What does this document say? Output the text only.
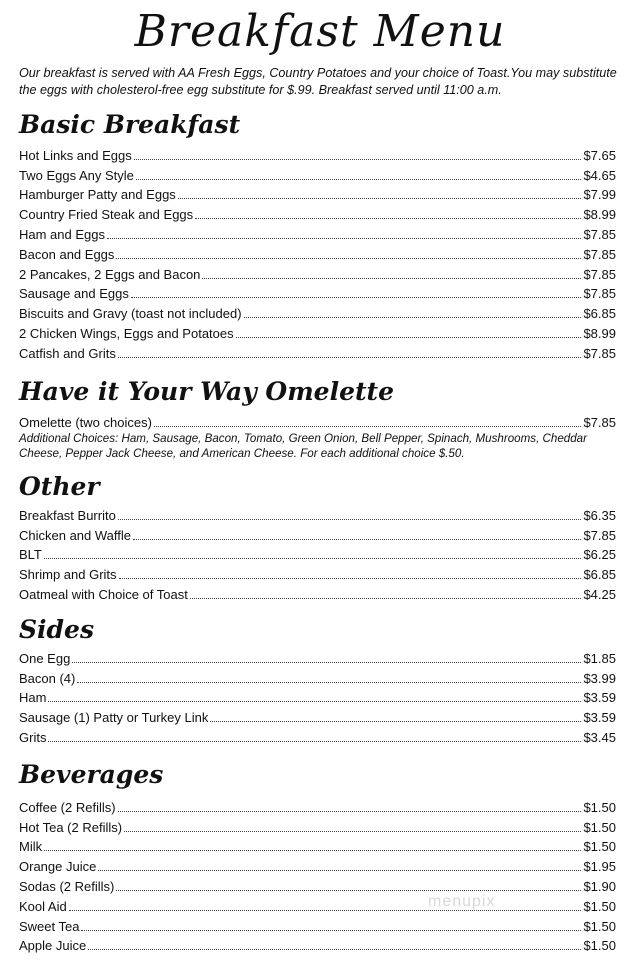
Breakfast Menu
Our breakfast is served with AA Fresh Eggs, Country Potatoes and your choice of Toast.You may substitute the eggs with cholesterol-free egg substitute for $.99. Breakfast served until 11:00 a.m.
Basic Breakfast
Hot Links and Eggs	$7.65
Two Eggs Any Style	$4.65
Hamburger Patty and Eggs	$7.99
Country Fried Steak and Eggs	$8.99
Ham and Eggs	$7.85
Bacon and Eggs	$7.85
2 Pancakes, 2 Eggs and Bacon	$7.85
Sausage and Eggs	$7.85
Biscuits and Gravy (toast not included)	$6.85
2 Chicken Wings, Eggs and Potatoes	$8.99
Catfish and Grits	$7.85
Have it Your Way Omelette
Omelette (two choices)	$7.85
Additional Choices: Ham, Sausage, Bacon, Tomato, Green Onion, Bell Pepper, Spinach, Mushrooms, Cheddar Cheese, Pepper Jack Cheese, and American Cheese. For each additional choice $.50.
Other
Breakfast Burrito	$6.35
Chicken and Waffle	$7.85
BLT	$6.25
Shrimp and Grits	$6.85
Oatmeal with Choice of Toast	$4.25
Sides
One Egg	$1.85
Bacon (4)	$3.99
Ham	$3.59
Sausage (1) Patty or Turkey Link	$3.59
Grits	$3.45
Beverages
Coffee (2 Refills)	$1.50
Hot Tea (2 Refills)	$1.50
Milk	$1.50
Orange Juice	$1.95
Sodas (2 Refills)	$1.90
Kool Aid	$1.50
Sweet Tea	$1.50
Apple Juice	$1.50
menupix
